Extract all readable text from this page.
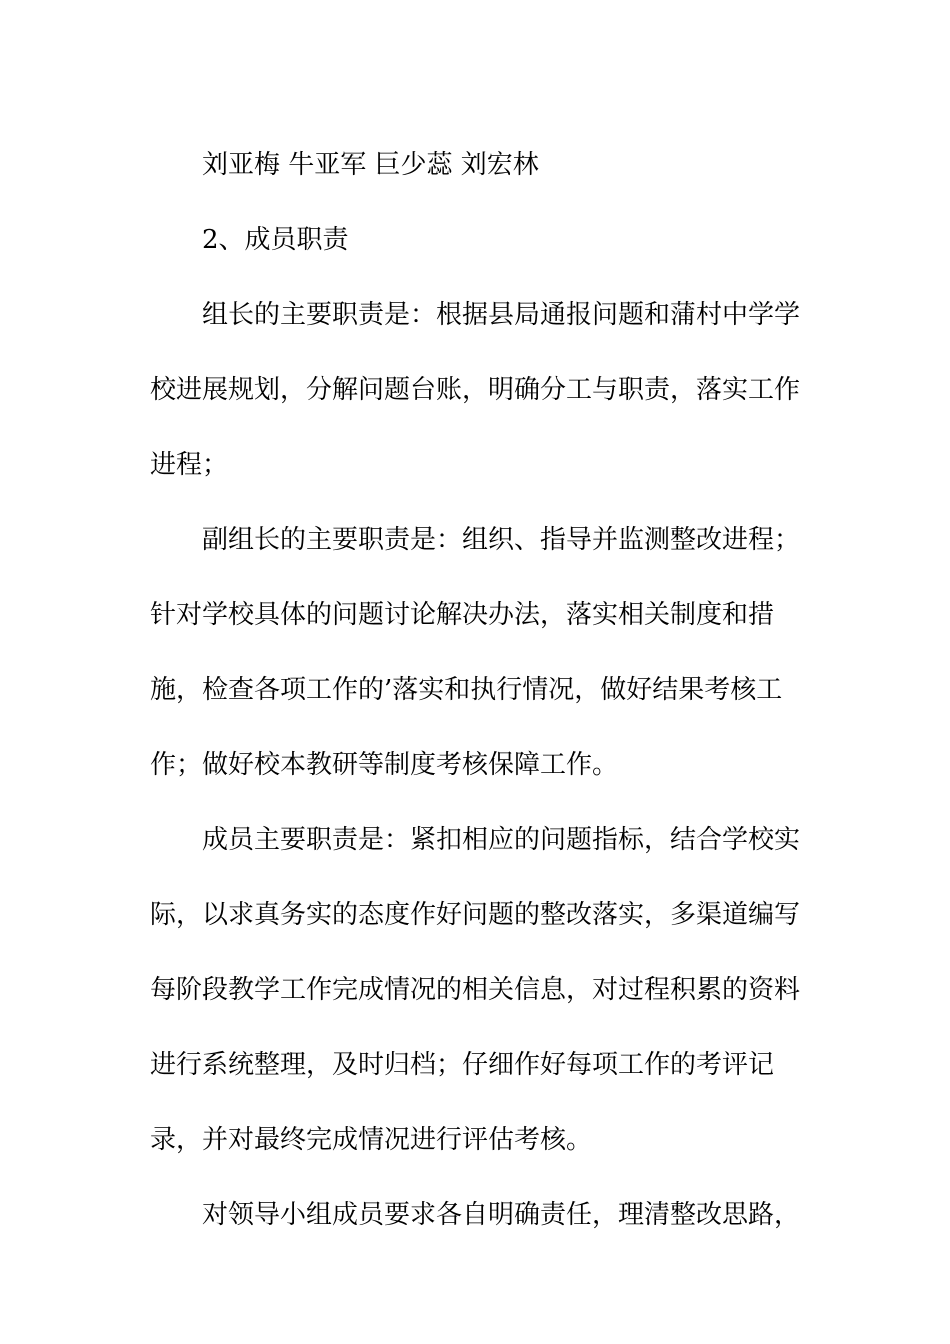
刘亚梅 牛亚军 巨少蕊 刘宏林

2、成员职责

组长的主要职责是：根据县局通报问题和蒲村中学学校进展规划，分解问题台账，明确分工与职责，落实工作进程；

副组长的主要职责是：组织、指导并监测整改进程；针对学校具体的问题讨论解决办法，落实相关制度和措施，检查各项工作的’落实和执行情况，做好结果考核工作；做好校本教研等制度考核保障工作。

成员主要职责是：紧扣相应的问题指标，结合学校实际，以求真务实的态度作好问题的整改落实，多渠道编写每阶段教学工作完成情况的相关信息，对过程积累的资料进行系统整理，及时归档；仔细作好每项工作的考评记录，并对最终完成情况进行评估考核。

对领导小组成员要求各自明确责任，理清整改思路，
